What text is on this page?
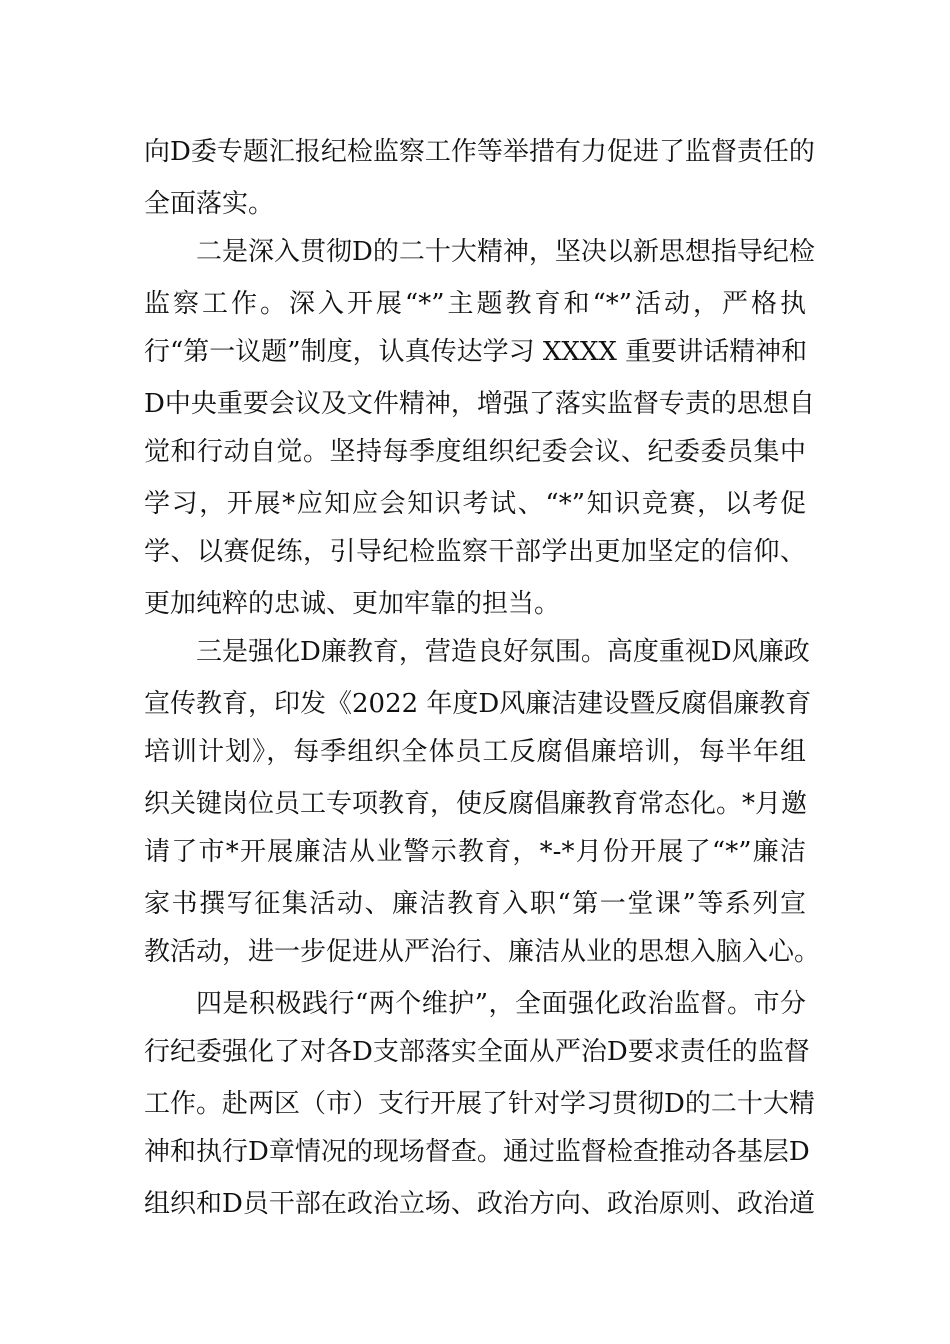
向D委专题汇报纪检监察工作等举措有力促进了监督责任的
全面落实。
二是深入贯彻D的二十大精神，坚决以新思想指导纪检
监察工作。深入开展“*”主题教育和“*”活动，严格执
行“第一议题”制度，认真传达学习 XXXX 重要讲话精神和
D中央重要会议及文件精神，增强了落实监督专责的思想自
觉和行动自觉。坚持每季度组织纪委会议、纪委委员集中
学习，开展*应知应会知识考试、“*”知识竞赛，以考促
学、以赛促练，引导纪检监察干部学出更加坚定的信仰、
更加纯粹的忠诚、更加牢靠的担当。
三是强化D廉教育，营造良好氛围。高度重视D风廉政
宣传教育，印发《2022 年度D风廉洁建设暨反腐倡廉教育
培训计划》，每季组织全体员工反腐倡廉培训，每半年组
织关键岗位员工专项教育，使反腐倡廉教育常态化。*月邀
请了市*开展廉洁从业警示教育，*-*月份开展了“*”廉洁
家书撰写征集活动、廉洁教育入职“第一堂课”等系列宣
教活动，进一步促进从严治行、廉洁从业的思想入脑入心。
四是积极践行“两个维护”，全面强化政治监督。市分
行纪委强化了对各D支部落实全面从严治D要求责任的监督
工作。赴两区（市）支行开展了针对学习贯彻D的二十大精
神和执行D章情况的现场督查。通过监督检查推动各基层D
组织和D员干部在政治立场、政治方向、政治原则、政治道
